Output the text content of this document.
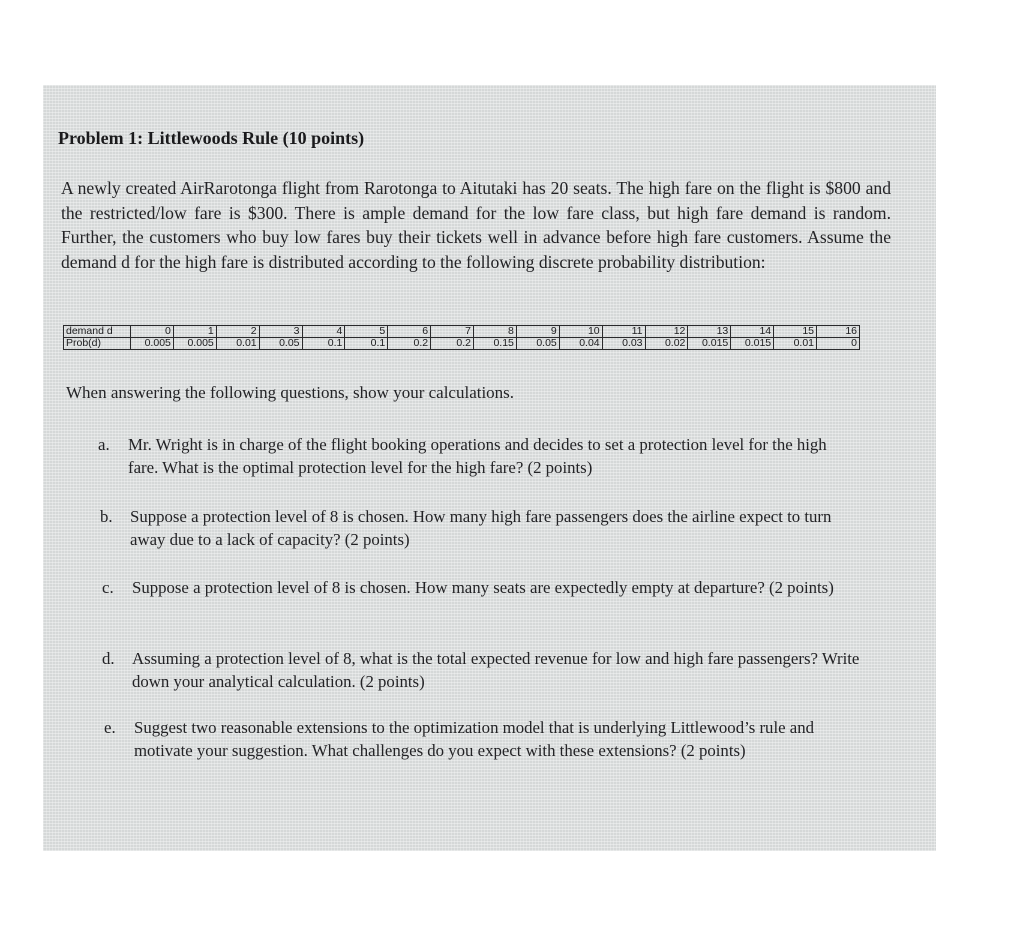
Problem 1: Littlewoods Rule (10 points)

A newly created AirRarotonga flight from Rarotonga to Aitutaki has 20 seats. The high fare on the flight is $800 and the restricted/low fare is $300. There is ample demand for the low fare class, but high fare demand is random. Further, the customers who buy low fares buy their tickets well in advance before high fare customers. Assume the demand d for the high fare is distributed according to the following discrete probability distribution:

demand d	0	1	2	3	4	5	6	7	8	9	10	11	12	13	14	15	16
Prob(d)	0.005	0.005	0.01	0.05	0.1	0.1	0.2	0.2	0.15	0.05	0.04	0.03	0.02	0.015	0.015	0.01	0

When answering the following questions, show your calculations.

a. Mr. Wright is in charge of the flight booking operations and decides to set a protection level for the high fare. What is the optimal protection level for the high fare? (2 points)
b. Suppose a protection level of 8 is chosen. How many high fare passengers does the airline expect to turn away due to a lack of capacity? (2 points)
c. Suppose a protection level of 8 is chosen. How many seats are expectedly empty at departure? (2 points)
d. Assuming a protection level of 8, what is the total expected revenue for low and high fare passengers? Write down your analytical calculation. (2 points)
e. Suggest two reasonable extensions to the optimization model that is underlying Littlewood’s rule and motivate your suggestion. What challenges do you expect with these extensions? (2 points)
